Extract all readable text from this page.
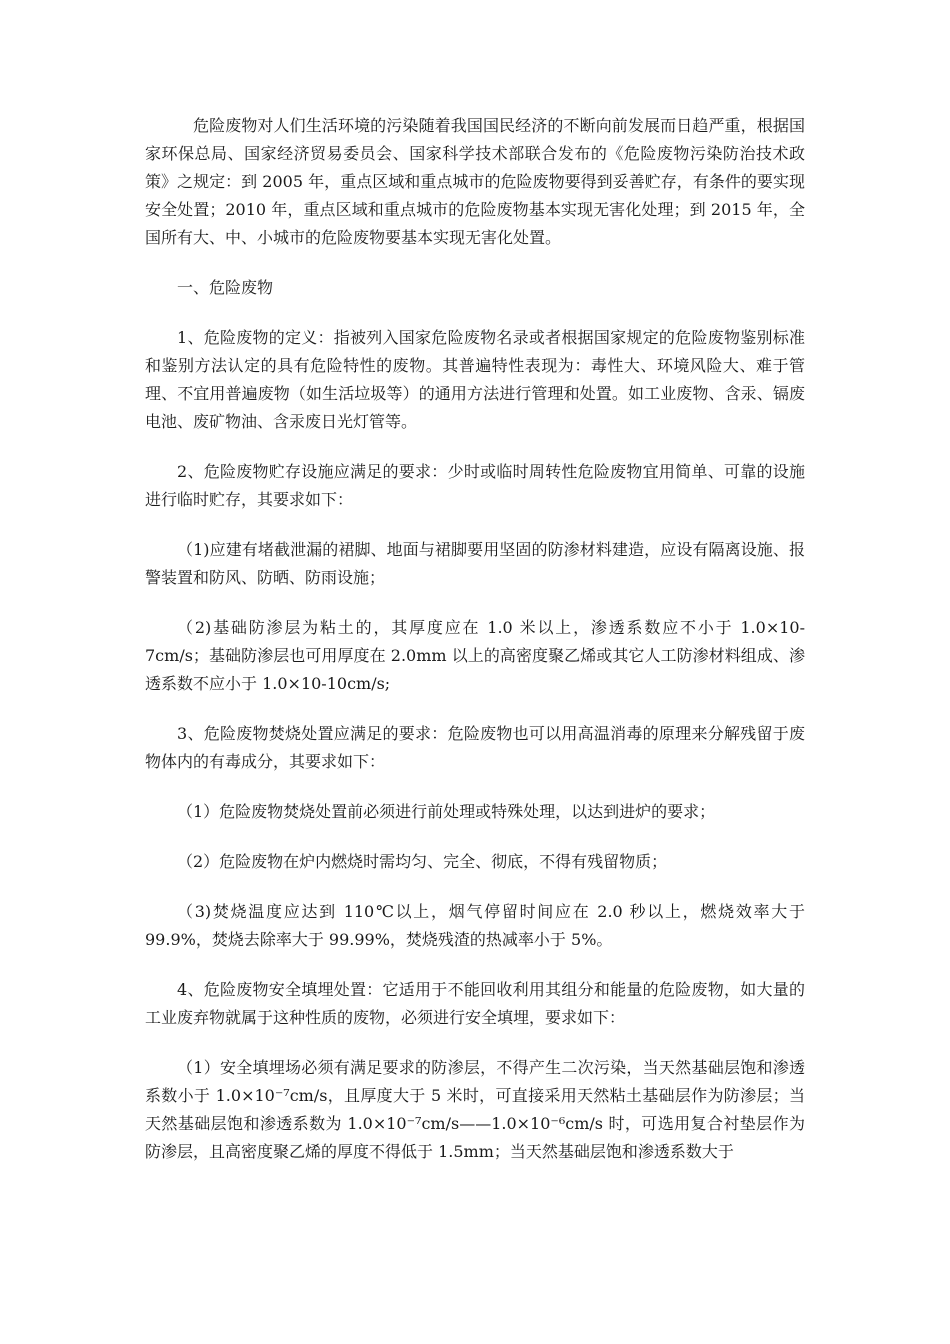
危险废物对人们生活环境的污染随着我国国民经济的不断向前发展而日趋严重，根据国家环保总局、国家经济贸易委员会、国家科学技术部联合发布的《危险废物污染防治技术政策》之规定：到 2005 年，重点区域和重点城市的危险废物要得到妥善贮存，有条件的要实现安全处置；2010 年，重点区域和重点城市的危险废物基本实现无害化处理；到 2015 年，全国所有大、中、小城市的危险废物要基本实现无害化处置。

一、危险废物

1、危险废物的定义：指被列入国家危险废物名录或者根据国家规定的危险废物鉴别标准和鉴别方法认定的具有危险特性的废物。其普遍特性表现为：毒性大、环境风险大、难于管理、不宜用普遍废物（如生活垃圾等）的通用方法进行管理和处置。如工业废物、含汞、镉废电池、废矿物油、含汞废日光灯管等。

2、危险废物贮存设施应满足的要求：少时或临时周转性危险废物宜用简单、可靠的设施进行临时贮存，其要求如下：

（1)应建有堵截泄漏的裙脚、地面与裙脚要用坚固的防渗材料建造，应设有隔离设施、报警装置和防风、防晒、防雨设施；

（2)基础防渗层为粘土的，其厚度应在 1.0 米以上，渗透系数应不小于 1.0×10-7cm/s；基础防渗层也可用厚度在 2.0mm 以上的高密度聚乙烯或其它人工防渗材料组成、渗透系数不应小于 1.0×10-10cm/s;

3、危险废物焚烧处置应满足的要求：危险废物也可以用高温消毒的原理来分解残留于废物体内的有毒成分，其要求如下：

（1）危险废物焚烧处置前必须进行前处理或特殊处理，以达到进炉的要求；

（2）危险废物在炉内燃烧时需均匀、完全、彻底，不得有残留物质；

（3)焚烧温度应达到 110℃以上，烟气停留时间应在 2.0 秒以上，燃烧效率大于 99.9%，焚烧去除率大于 99.99%，焚烧残渣的热减率小于 5%。

4、危险废物安全填埋处置：它适用于不能回收利用其组分和能量的危险废物，如大量的工业废弃物就属于这种性质的废物，必须进行安全填埋，要求如下：

（1）安全填埋场必须有满足要求的防渗层，不得产生二次污染，当天然基础层饱和渗透系数小于 1.0×10⁻⁷cm/s，且厚度大于 5 米时，可直接采用天然粘土基础层作为防渗层；当天然基础层饱和渗透系数为 1.0×10⁻⁷cm/s——1.0×10⁻⁶cm/s 时，可选用复合衬垫层作为防渗层，且高密度聚乙烯的厚度不得低于 1.5mm；当天然基础层饱和渗透系数大于
